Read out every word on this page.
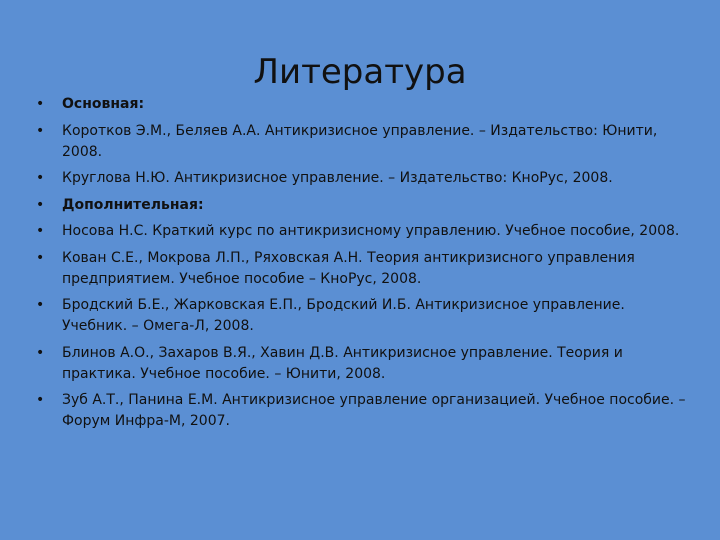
Литература
• Основная:
• Коротков Э.М., Беляев А.А. Антикризисное управление. – Издательство: Юнити, 2008.
• Круглова Н.Ю. Антикризисное управление. – Издательство: КноРус, 2008.
• Дополнительная:
• Носова Н.С. Краткий курс по антикризисному управлению. Учебное пособие, 2008.
• Кован С.Е., Мокрова Л.П., Ряховская А.Н. Теория антикризисного управления предприятием. Учебное пособие – КноРус, 2008.
• Бродский Б.Е., Жарковская Е.П., Бродский И.Б. Антикризисное управление. Учебник. – Омега-Л, 2008.
• Блинов А.О., Захаров В.Я., Хавин Д.В. Антикризисное управление. Теория и практика. Учебное пособие. – Юнити, 2008.
• Зуб А.Т., Панина Е.М. Антикризисное управление организацией. Учебное пособие. – Форум Инфра-М, 2007.
